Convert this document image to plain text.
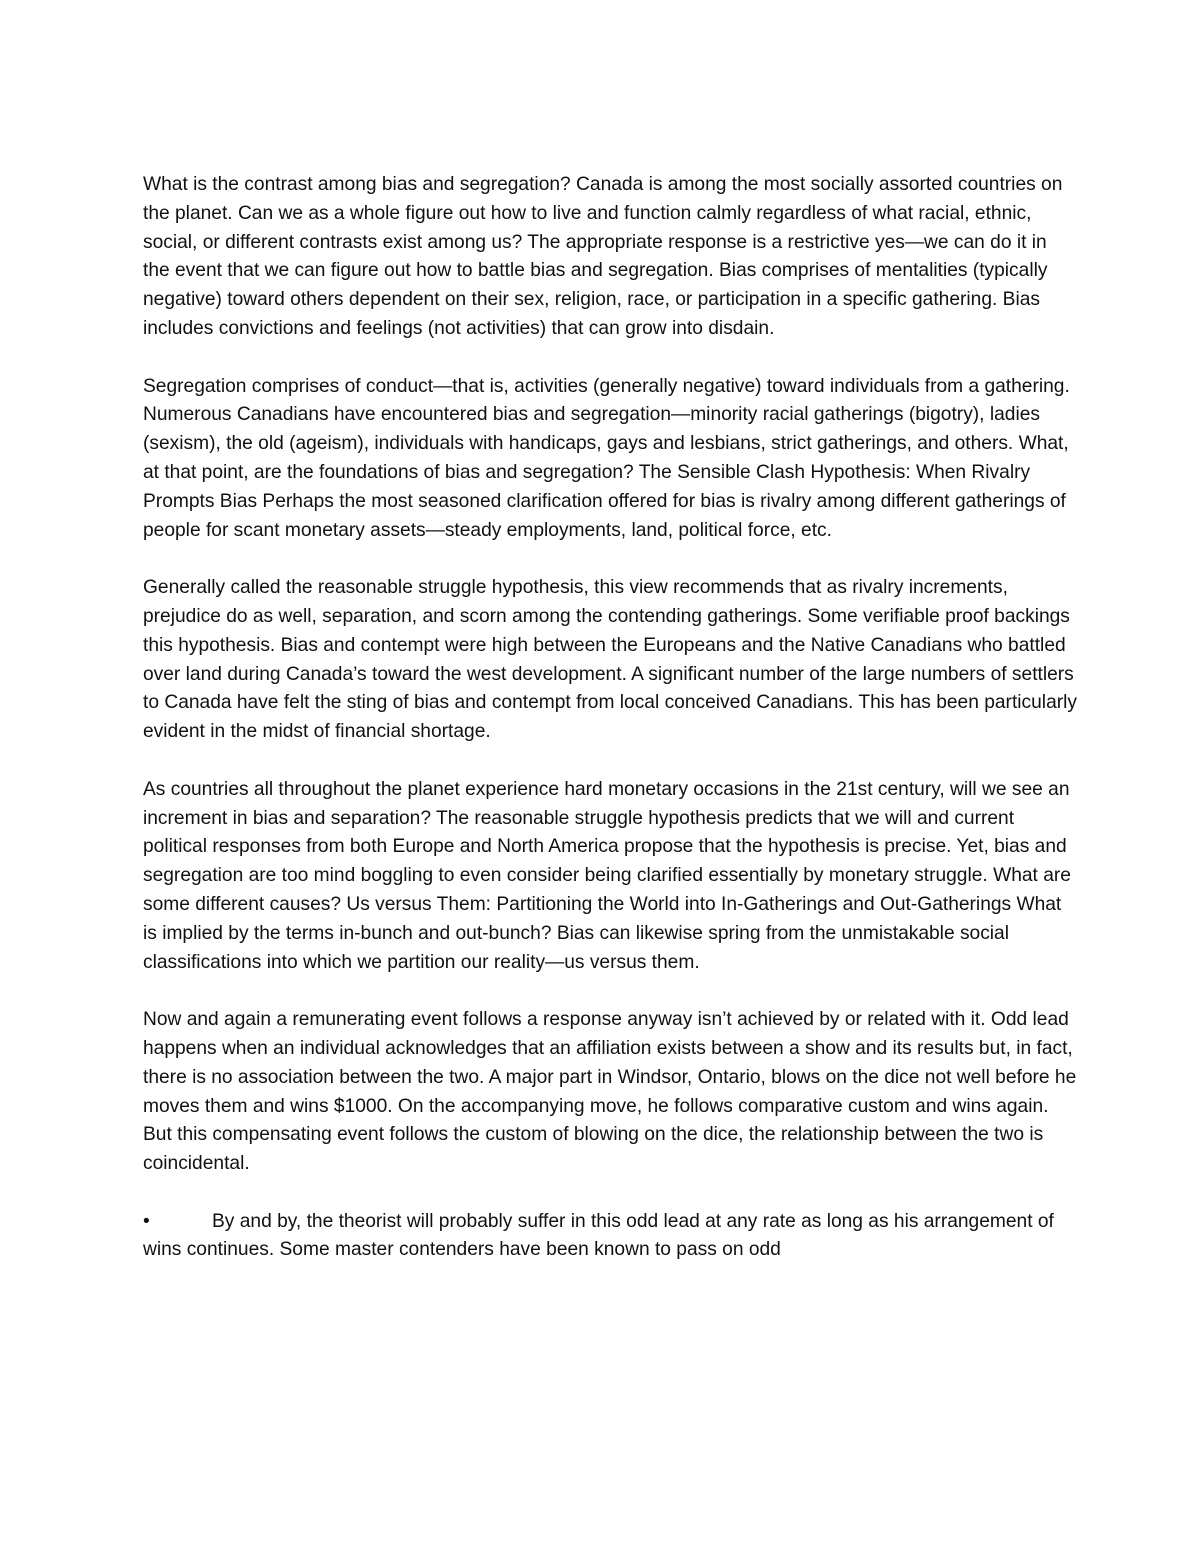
What is the contrast among bias and segregation? Canada is among the most socially assorted countries on the planet. Can we as a whole figure out how to live and function calmly regardless of what racial, ethnic, social, or different contrasts exist among us? The appropriate response is a restrictive yes—we can do it in the event that we can figure out how to battle bias and segregation. Bias comprises of mentalities (typically negative) toward others dependent on their sex, religion, race, or participation in a specific gathering. Bias includes convictions and feelings (not activities) that can grow into disdain.

Segregation comprises of conduct—that is, activities (generally negative) toward individuals from a gathering. Numerous Canadians have encountered bias and segregation—minority racial gatherings (bigotry), ladies (sexism), the old (ageism), individuals with handicaps, gays and lesbians, strict gatherings, and others. What, at that point, are the foundations of bias and segregation? The Sensible Clash Hypothesis: When Rivalry Prompts Bias Perhaps the most seasoned clarification offered for bias is rivalry among different gatherings of people for scant monetary assets—steady employments, land, political force, etc.

Generally called the reasonable struggle hypothesis, this view recommends that as rivalry increments, prejudice do as well, separation, and scorn among the contending gatherings. Some verifiable proof backings this hypothesis. Bias and contempt were high between the Europeans and the Native Canadians who battled over land during Canada’s toward the west development. A significant number of the large numbers of settlers to Canada have felt the sting of bias and contempt from local conceived Canadians. This has been particularly evident in the midst of financial shortage.

As countries all throughout the planet experience hard monetary occasions in the 21st century, will we see an increment in bias and separation? The reasonable struggle hypothesis predicts that we will and current political responses from both Europe and North America propose that the hypothesis is precise. Yet, bias and segregation are too mind boggling to even consider being clarified essentially by monetary struggle. What are some different causes? Us versus Them: Partitioning the World into In-Gatherings and Out-Gatherings What is implied by the terms in-bunch and out-bunch? Bias can likewise spring from the unmistakable social classifications into which we partition our reality—us versus them.

Now and again a remunerating event follows a response anyway isn’t achieved by or related with it. Odd lead happens when an individual acknowledges that an affiliation exists between a show and its results but, in fact, there is no association between the two. A major part in Windsor, Ontario, blows on the dice not well before he moves them and wins $1000. On the accompanying move, he follows comparative custom and wins again. But this compensating event follows the custom of blowing on the dice, the relationship between the two is coincidental.

•	By and by, the theorist will probably suffer in this odd lead at any rate as long as his arrangement of wins continues. Some master contenders have been known to pass on odd
